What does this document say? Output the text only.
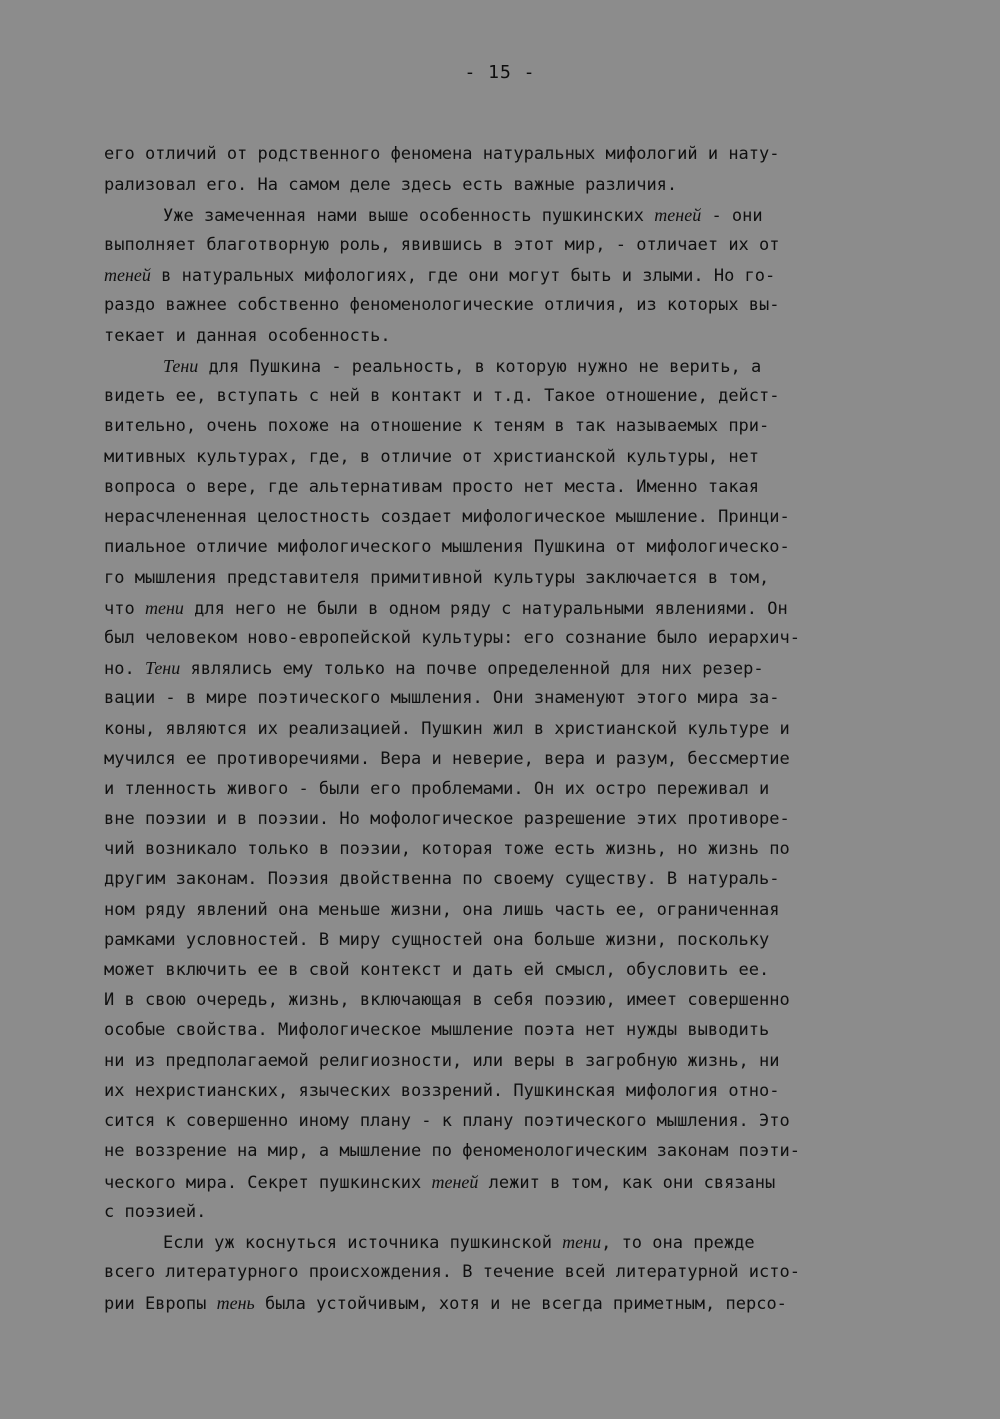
- 15 -
его отличий от родственного феномена натуральных мифологий и нату-
рализовал его. На самом деле здесь есть важные различия.
Уже замеченная нами выше особенность пушкинских теней - они
выполняет благотворную роль, явившись в этот мир, - отличает их от
теней в натуральных мифологиях, где они могут быть и злыми. Но го-
раздо важнее собственно феноменологические отличия, из которых вы-
текает и данная особенность.
Тени для Пушкина - реальность, в которую нужно не верить, а
видеть ее, вступать с ней в контакт и т.д. Такое отношение, дейст-
вительно, очень похоже на отношение к теням в так называемых при-
митивных культурах, где, в отличие от христианской культуры, нет
вопроса о вере, где альтернативам просто нет места. Именно такая
нерасчлененная целостность создает мифологическое мышление. Принци-
пиальное отличие мифологического мышления Пушкина от мифологическо-
го мышления представителя примитивной культуры заключается в том,
что тени для него не были в одном ряду с натуральными явлениями. Он
был человеком ново-европейской культуры: его сознание было иерархич-
но. Тени являлись ему только на почве определенной для них резер-
вации - в мире поэтического мышления. Они знаменуют этого мира за-
коны, являются их реализацией. Пушкин жил в христианской культуре и
мучился ее противоречиями. Вера и неверие, вера и разум, бессмертие
и тленность живого - были его проблемами. Он их остро переживал и
вне поэзии и в поэзии. Но мофологическое разрешение этих противоре-
чий возникало только в поэзии, которая тоже есть жизнь, но жизнь по
другим законам. Поэзия двойственна по своему существу. В натураль-
ном ряду явлений она меньше жизни, она лишь часть ее, ограниченная
рамками условностей. В миру сущностей она больше жизни, поскольку
может включить ее в свой контекст и дать ей смысл, обусловить ее.
И в свою очередь, жизнь, включающая в себя поэзию, имеет совершенно
особые свойства. Мифологическое мышление поэта нет нужды выводить
ни из предполагаемой религиозности, или веры в загробную жизнь, ни
их нехристианских, языческих воззрений. Пушкинская мифология отно-
сится к совершенно иному плану - к плану поэтического мышления. Это
не воззрение на мир, а мышление по феноменологическим законам поэти-
ческого мира. Секрет пушкинских теней лежит в том, как они связаны
с поэзией.
Если уж коснуться источника пушкинской тени, то она прежде
всего литературного происхождения. В течение всей литературной исто-
рии Европы тень была устойчивым, хотя и не всегда приметным, персо-
